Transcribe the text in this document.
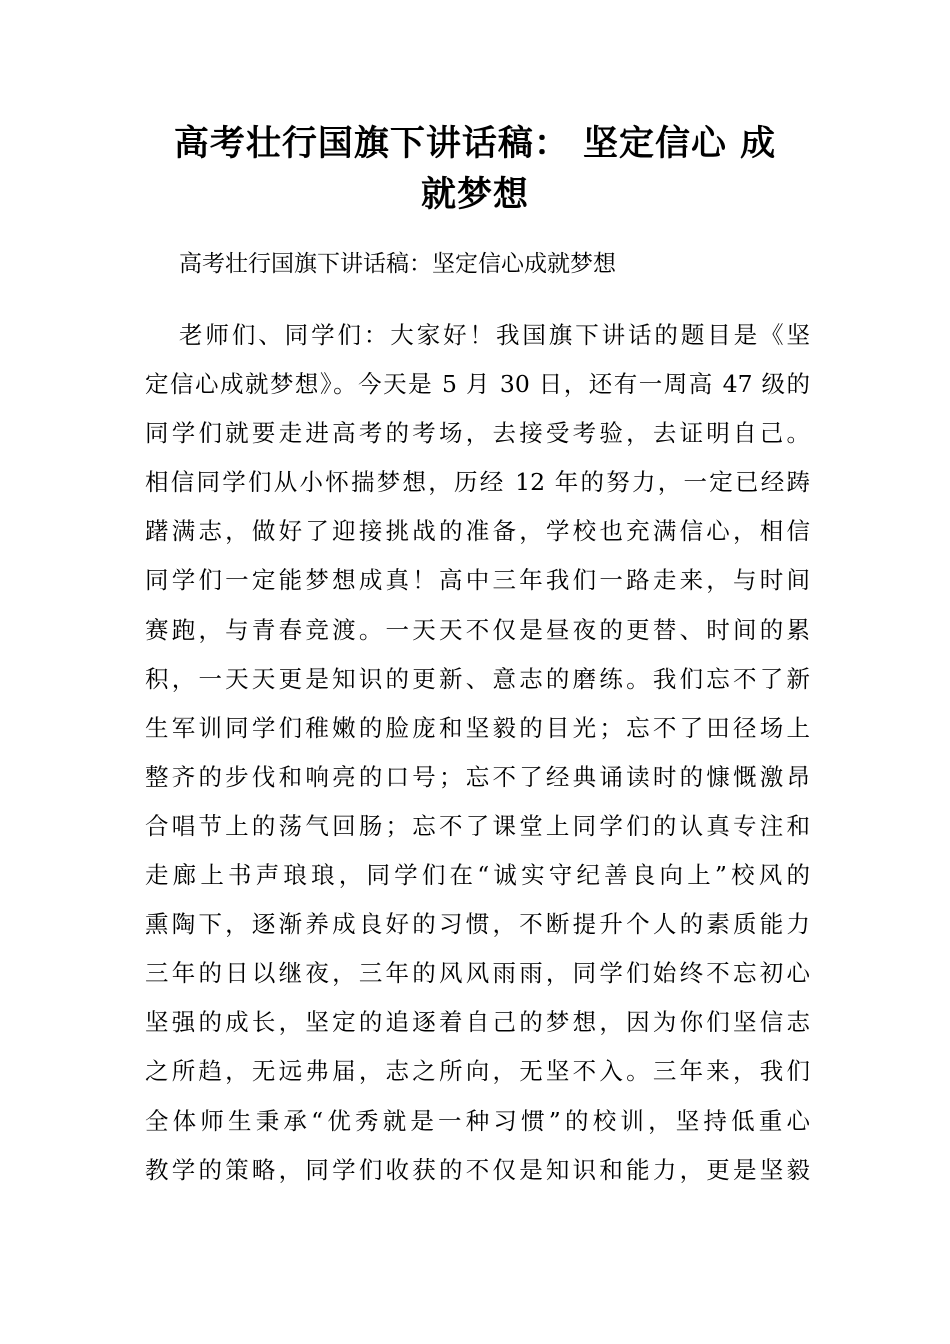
高考壮行国旗下讲话稿： 坚定信心 成
就梦想

高考壮行国旗下讲话稿：坚定信心成就梦想

老师们、同学们：大家好！我国旗下讲话的题目是《坚
定信心成就梦想》。今天是 5 月 30 日，还有一周高 47 级的
同学们就要走进高考的考场，去接受考验，去证明自己。
相信同学们从小怀揣梦想，历经 12 年的努力，一定已经踌
躇满志，做好了迎接挑战的准备，学校也充满信心，相信
同学们一定能梦想成真！高中三年我们一路走来，与时间
赛跑，与青春竞渡。一天天不仅是昼夜的更替、时间的累
积，一天天更是知识的更新、意志的磨练。我们忘不了新
生军训同学们稚嫩的脸庞和坚毅的目光；忘不了田径场上
整齐的步伐和响亮的口号；忘不了经典诵读时的慷慨激昂
合唱节上的荡气回肠；忘不了课堂上同学们的认真专注和
走廊上书声琅琅，同学们在“诚实守纪善良向上”校风的
熏陶下，逐渐养成良好的习惯，不断提升个人的素质能力
三年的日以继夜，三年的风风雨雨，同学们始终不忘初心
坚强的成长，坚定的追逐着自己的梦想，因为你们坚信志
之所趋，无远弗届，志之所向，无坚不入。三年来，我们
全体师生秉承“优秀就是一种习惯”的校训，坚持低重心
教学的策略，同学们收获的不仅是知识和能力，更是坚毅
